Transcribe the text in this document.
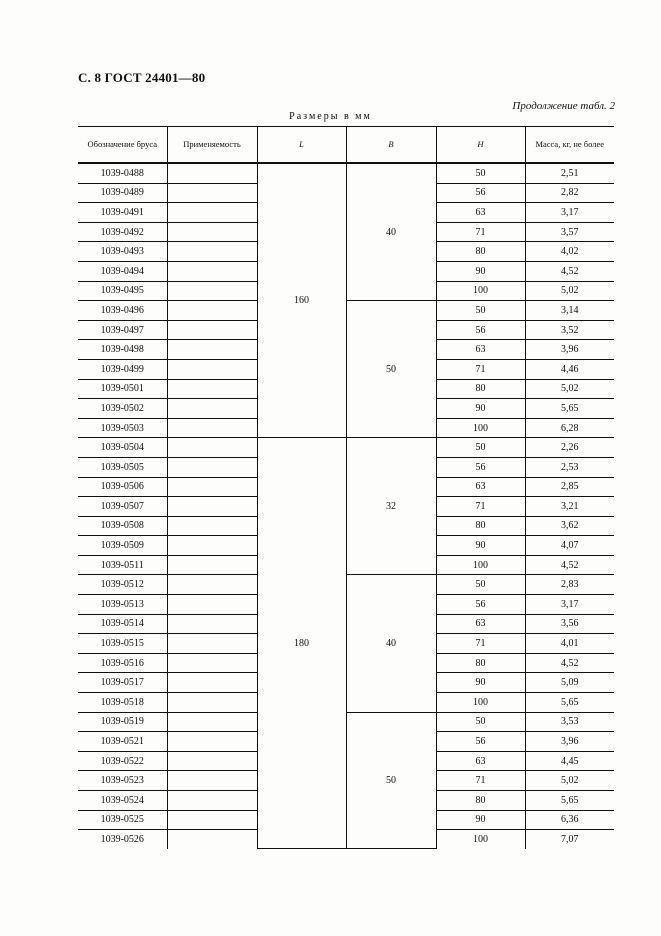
С. 8 ГОСТ 24401—80
Продолжение табл. 2
Размеры в мм
Обозначение бруса	Применяемость	L	B	H	Масса, кг, не более
1039-0488		160	40	50	2,51
1039-0489				56	2,82
1039-0491				63	3,17
1039-0492				71	3,57
1039-0493				80	4,02
1039-0494				90	4,52
1039-0495				100	5,02
1039-0496			50	50	3,14
1039-0497				56	3,52
1039-0498				63	3,96
1039-0499				71	4,46
1039-0501				80	5,02
1039-0502				90	5,65
1039-0503				100	6,28
1039-0504		180	32	50	2,26
1039-0505				56	2,53
1039-0506				63	2,85
1039-0507				71	3,21
1039-0508				80	3,62
1039-0509				90	4,07
1039-0511				100	4,52
1039-0512			40	50	2,83
1039-0513				56	3,17
1039-0514				63	3,56
1039-0515				71	4,01
1039-0516				80	4,52
1039-0517				90	5,09
1039-0518				100	5,65
1039-0519			50	50	3,53
1039-0521				56	3,96
1039-0522				63	4,45
1039-0523				71	5,02
1039-0524				80	5,65
1039-0525				90	6,36
1039-0526				100	7,07
